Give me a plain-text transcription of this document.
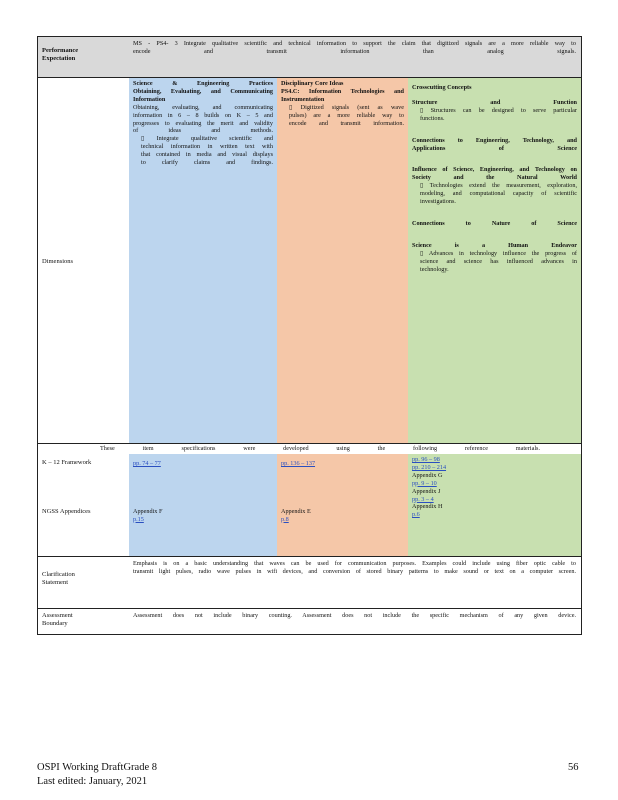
Performance Expectation
MS - PS4- 3 Integrate qualitative scientific and technical information to support the claim that digitized signals are a more reliable way to encode and transmit information than analog signals.
Dimensions

Science & Engineering Practices

Obtaining, Evaluating, and Communicating Information

Obtaining, evaluating, and communicating information in 6 – 8 builds on K – 5 and progresses to evaluating the merit and validity of ideas and methods.

▯ Integrate qualitative scientific and technical information in written text with that contained in media and visual displays to clarify claims and findings.

Disciplinary Core Ideas

PS4.C: Information Technologies and Instrumentation

▯ Digitized signals (sent as wave pulses) are a more reliable way to encode and transmit information.

Crosscutting Concepts

Structure and Function

▯ Structures can be designed to serve particular functions.

Connections to Engineering, Technology, and Applications of Science

Influence of Science, Engineering, and Technology on Society and the Natural World

▯ Technologies extend the measurement, exploration, modeling, and computational capacity of scientific investigations.

Connections to Nature of Science

Science is a Human Endeavor

▯ Advances in technology influence the progress of science and science has influenced advances in technology.

These item specifications were developed using the following reference materials.

pp. 74 – 77

Appendix F

p.15

pp. 136 – 137

Appendix E

p.8

pp. 96 – 98

pp. 210 – 214

Appendix G

pp. 9 – 10

Appendix J

pp. 3 – 4

Appendix H

p.6

K – 12 Framework
NGSS Appendices
Clarification Statement
Emphasis is on a basic understanding that waves can be used for communication purposes. Examples could include using fiber optic cable to transmit light pulses, radio wave pulses in wifi devices, and conversion of stored binary patterns to make sound or text on a computer screen.
Assessment Boundary
Assessment does not include binary counting. Assessment does not include the specific mechanism of any given device.
OSPI Working DraftGrade 8
Last edited: January, 2021
56
